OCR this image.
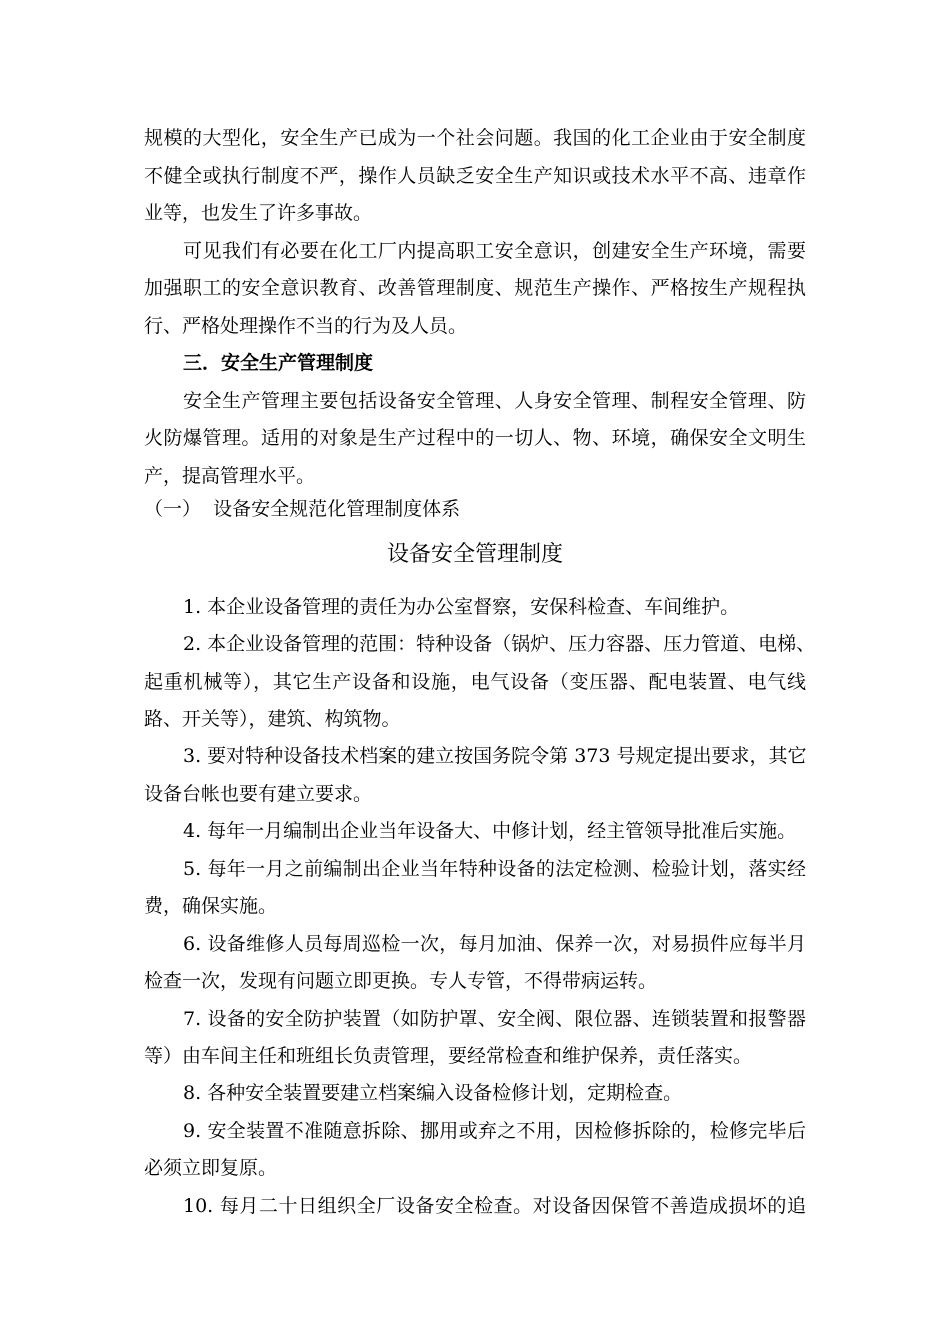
规模的大型化，安全生产已成为一个社会问题。我国的化工企业由于安全制度
不健全或执行制度不严，操作人员缺乏安全生产知识或技术水平不高、违章作
业等，也发生了许多事故。
可见我们有必要在化工厂内提高职工安全意识，创建安全生产环境，需要
加强职工的安全意识教育、改善管理制度、规范生产操作、严格按生产规程执
行、严格处理操作不当的行为及人员。
三．安全生产管理制度
安全生产管理主要包括设备安全管理、人身安全管理、制程安全管理、防
火防爆管理。适用的对象是生产过程中的一切人、物、环境，确保安全文明生
产，提高管理水平。
（一）  设备安全规范化管理制度体系
设备安全管理制度
1. 本企业设备管理的责任为办公室督察，安保科检查、车间维护。
2. 本企业设备管理的范围：特种设备（锅炉、压力容器、压力管道、电梯、
起重机械等），其它生产设备和设施，电气设备（变压器、配电装置、电气线
路、开关等），建筑、构筑物。
3. 要对特种设备技术档案的建立按国务院令第 373 号规定提出要求，其它
设备台帐也要有建立要求。
4. 每年一月编制出企业当年设备大、中修计划，经主管领导批准后实施。
5. 每年一月之前编制出企业当年特种设备的法定检测、检验计划，落实经
费，确保实施。
6. 设备维修人员每周巡检一次，每月加油、保养一次，对易损件应每半月
检查一次，发现有问题立即更换。专人专管，不得带病运转。
7. 设备的安全防护装置（如防护罩、安全阀、限位器、连锁装置和报警器
等）由车间主任和班组长负责管理，要经常检查和维护保养，责任落实。
8. 各种安全装置要建立档案编入设备检修计划，定期检查。
9. 安全装置不准随意拆除、挪用或弃之不用，因检修拆除的，检修完毕后
必须立即复原。
10. 每月二十日组织全厂设备安全检查。对设备因保管不善造成损坏的追
